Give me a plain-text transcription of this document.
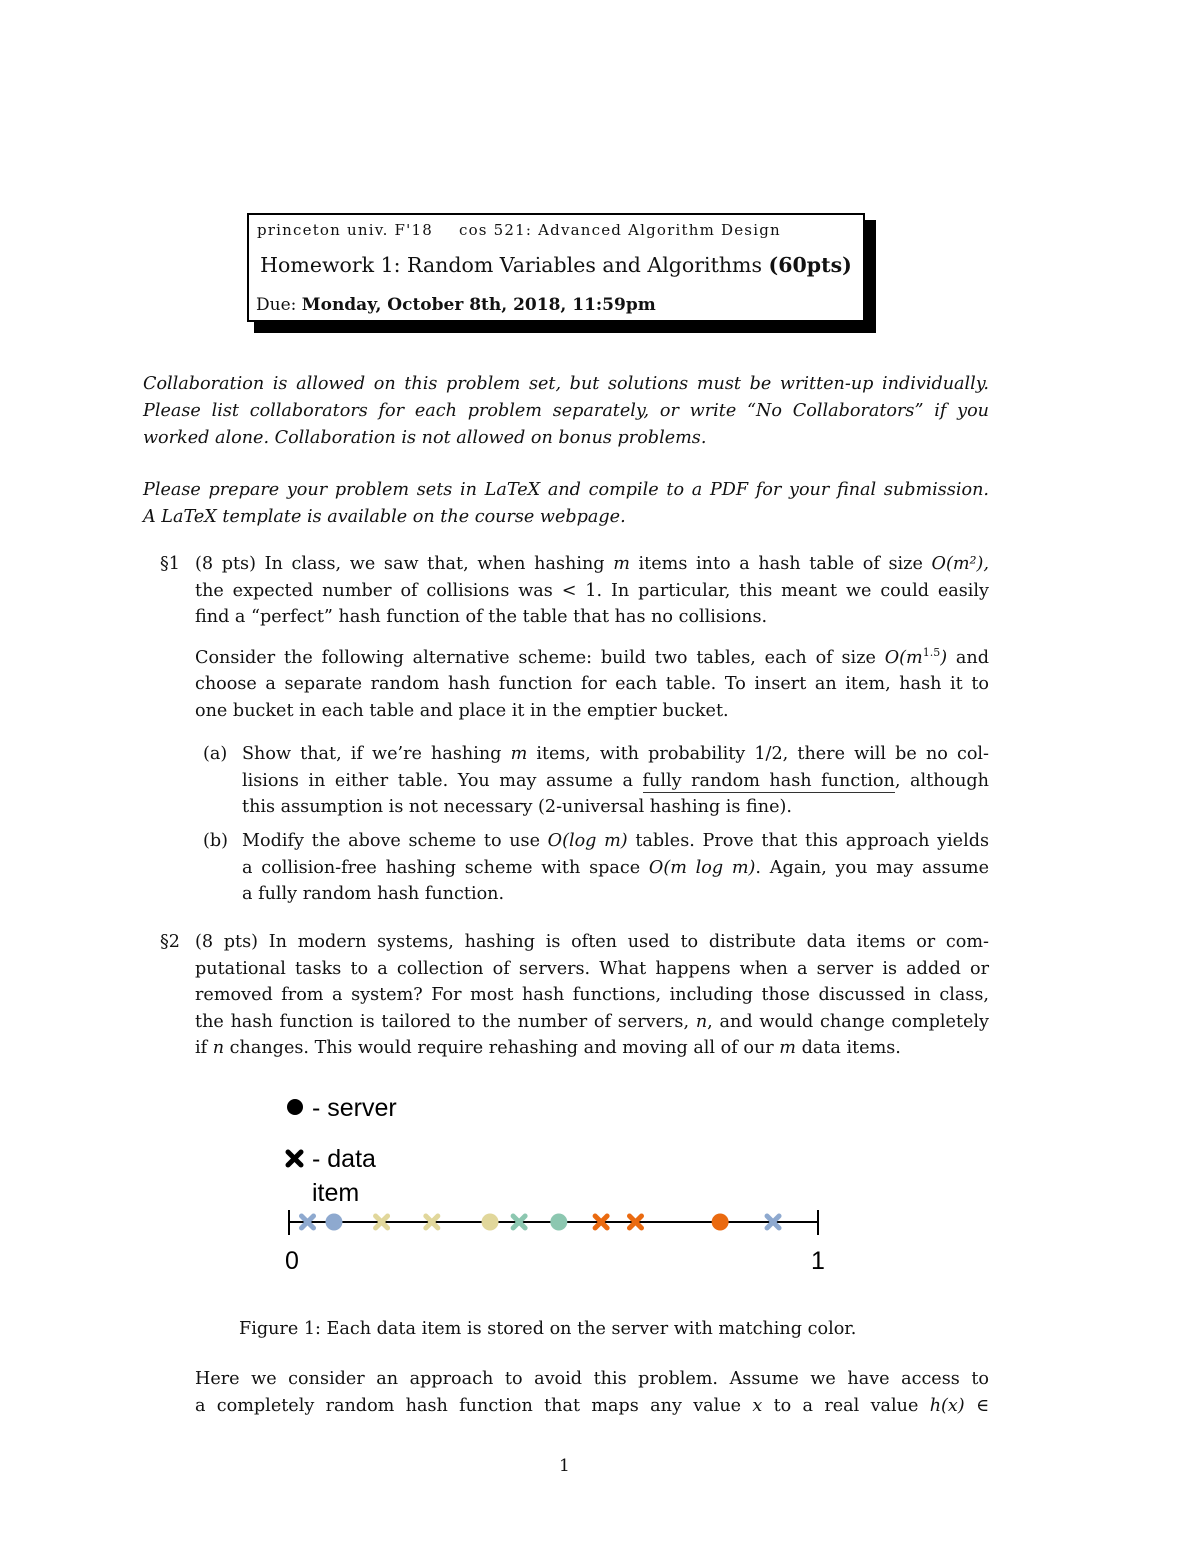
princeton univ. F'18 cos 521: Advanced Algorithm Design
Homework 1: Random Variables and Algorithms (60pts)
Due: Monday, October 8th, 2018, 11:59pm
Collaboration is allowed on this problem set, but solutions must be written-up individually.
Please list collaborators for each problem separately, or write “No Collaborators” if you
worked alone. Collaboration is not allowed on bonus problems.
Please prepare your problem sets in LaTeX and compile to a PDF for your final submission.
A LaTeX template is available on the course webpage.
§1 (8 pts) In class, we saw that, when hashing m items into a hash table of size O(m²),
the expected number of collisions was < 1. In particular, this meant we could easily
find a “perfect” hash function of the table that has no collisions.
Consider the following alternative scheme: build two tables, each of size $O(m^{1.5})$ and
choose a separate random hash function for each table. To insert an item, hash it to
one bucket in each table and place it in the emptier bucket.
(a) Show that, if we’re hashing m items, with probability 1/2, there will be no col-
lisions in either table. You may assume a fully random hash function, although
this assumption is not necessary (2-universal hashing is fine).
(b) Modify the above scheme to use O(log m) tables. Prove that this approach yields
a collision-free hashing scheme with space O(m log m). Again, you may assume
a fully random hash function.
§2 (8 pts) In modern systems, hashing is often used to distribute data items or com-
putational tasks to a collection of servers. What happens when a server is added or
removed from a system? For most hash functions, including those discussed in class,
the hash function is tailored to the number of servers, n, and would change completely
if n changes. This would require rehashing and moving all of our m data items.
- server
- data
item
0	1
Figure 1: Each data item is stored on the server with matching color.
Here we consider an approach to avoid this problem. Assume we have access to
a completely random hash function that maps any value x to a real value h(x) ∈
1
